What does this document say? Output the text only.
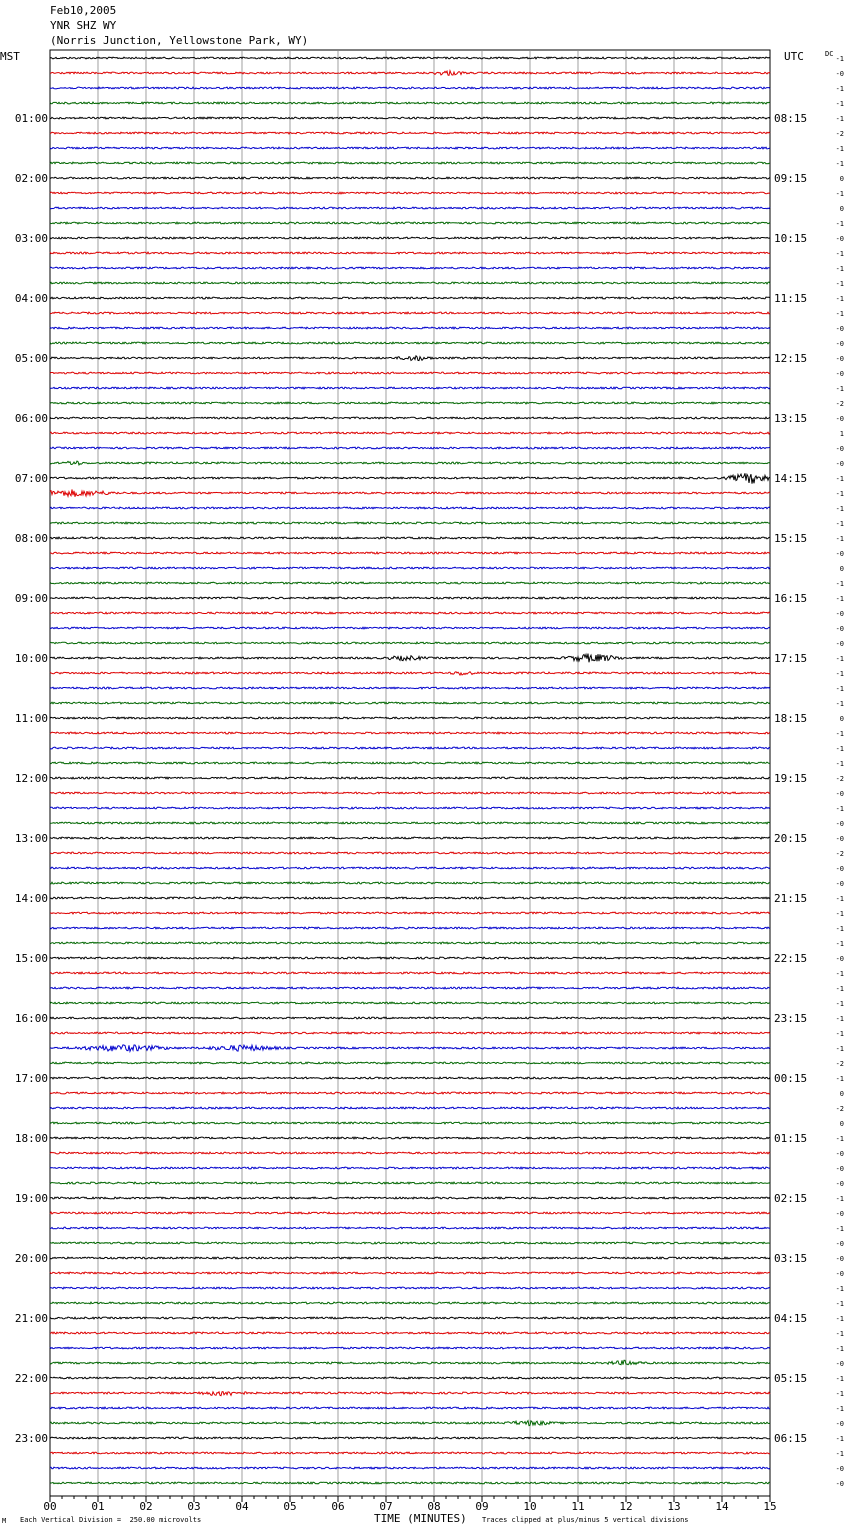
Feb10,2005
YNR SHZ WY
(Norris Junction, Yellowstone Park, WY)
MST	UTC	DC
01:00
02:00
03:00
04:00
05:00
06:00
07:00
08:00
09:00
10:00
11:00
12:00
13:00
14:00
15:00
16:00
17:00
18:00
19:00
20:00
21:00
22:00
23:00
08:15
09:15
10:15
11:15
12:15
13:15
14:15
15:15
16:15
17:15
18:15
19:15
20:15
21:15
22:15
23:15
00:15
01:15
02:15
03:15
04:15
05:15
06:15
-1
-0
-1
-1
-1
-2
-1
-1
0
-1
0
-1
-0
-1
-1
-1
-1
-1
-0
-0
-0
-0
-1
-2
-0
1
-0
-0
-1
-1
-1
-1
-1
-0
0
-1
-1
-0
-0
-0
-1
-1
-1
-1
0
-1
-1
-1
-2
-0
-1
-0
-0
-2
-0
-0
-1
-1
-1
-1
-0
-1
-1
-1
-1
-1
-1
-2
-1
0
-2
0
-1
-0
-0
-0
-1
-0
-1
-0
-0
-0
-1
-1
-1
-1
-1
-0
-1
-1
-1
-0
-1
-1
-0
-0
00	01	02	03	04	05	06	07	08	09	10	11	12	13	14	15
M Each Vertical Division =  250.00 microvolts	TIME (MINUTES) Traces clipped at plus/minus 5 vertical divisions
